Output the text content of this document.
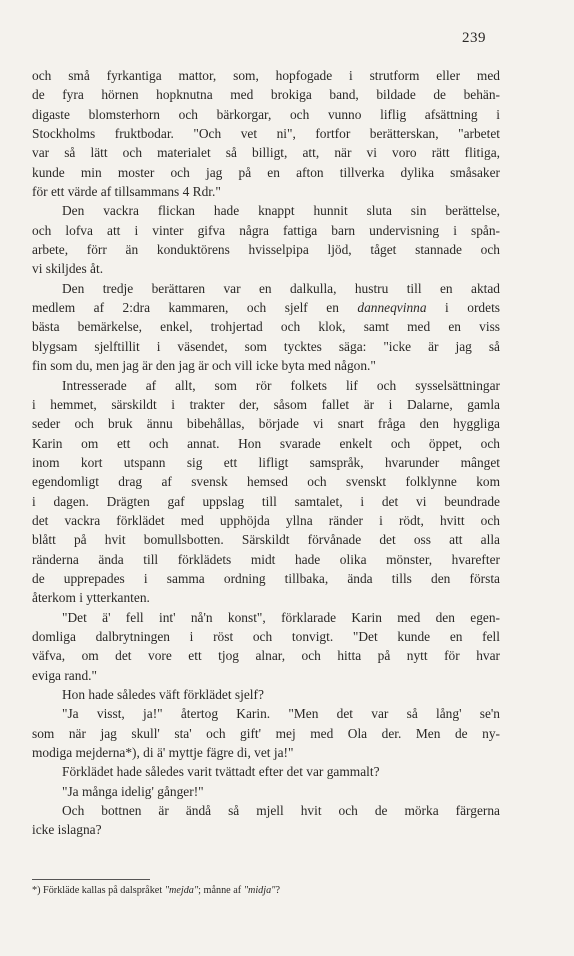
239
och små fyrkantiga mattor, som, hopfogade i strutform eller med
de fyra hörnen hopknutna med brokiga band, bildade de behän-
digaste blomsterhorn och bärkorgar, och vunno liflig afsättning i
Stockholms fruktbodar. "Och vet ni", fortfor berätterskan, "arbetet
var så lätt och materialet så billigt, att, när vi voro rätt flitiga,
kunde min moster och jag på en afton tillverka dylika småsaker
för ett värde af tillsammans 4 Rdr."
Den vackra flickan hade knappt hunnit sluta sin berättelse,
och lofva att i vinter gifva några fattiga barn undervisning i spån-
arbete, förr än konduktörens hvisselpipa ljöd, tåget stannade och
vi skiljdes åt.
Den tredje berättaren var en dalkulla, hustru till en aktad
medlem af 2:dra kammaren, och sjelf en dannеqvinna i ordets
bästa bemärkelse, enkel, trohjertad och klok, samt med en viss
blygsam sjelftillit i väsendet, som tycktes säga: "icke är jag så
fin som du, men jag är den jag är och vill icke byta med någon."
Intresserade af allt, som rör folkets lif och sysselsättningar
i hemmet, särskildt i trakter der, såsom fallet är i Dalarne, gamla
seder och bruk ännu bibehållas, började vi snart fråga den hyggliga
Karin om ett och annat. Hon svarade enkelt och öppet, och
inom kort utspann sig ett lifligt samspråk, hvarunder mânget
egendomligt drag af svensk hemsed och svenskt folklynne kom
i dagen. Drägten gaf uppslag till samtalet, i det vi beundrade
det vackra förklädet med upphöjda yllna ränder i rödt, hvitt och
blått på hvit bomullsbotten. Särskildt förvånade det oss att alla
ränderna ända till förklädets midt hade olika mönster, hvarefter
de upprepades i samma ordning tillbaka, ända tills den första
återkom i ytterkanten.
"Det ä' fell int' nå'n konst", förklarade Karin med den egen-
domliga dalbrytningen i röst och tonvigt. "Det kunde en fell
väfva, om det vore ett tjog alnar, och hitta på nytt för hvar
eviga rand."
Hon hade således väft förklädet sjelf?
"Ja visst, ja!" återtog Karin. "Men det var så lång' se'n
som när jag skull' sta' och gift' mej med Ola der. Men de ny-
modiga mejderna*), di ä' myttje fägre di, vet ja!"
Förklädet hade således varit tvättadt efter det var gammalt?
"Ja många idelig' gånger!"
Och bottnen är ändå så mjell hvit och de mörka färgerna
icke islagna?
*) Förkläde kallas på dalspråket "mejda"; månne af "midja"?
